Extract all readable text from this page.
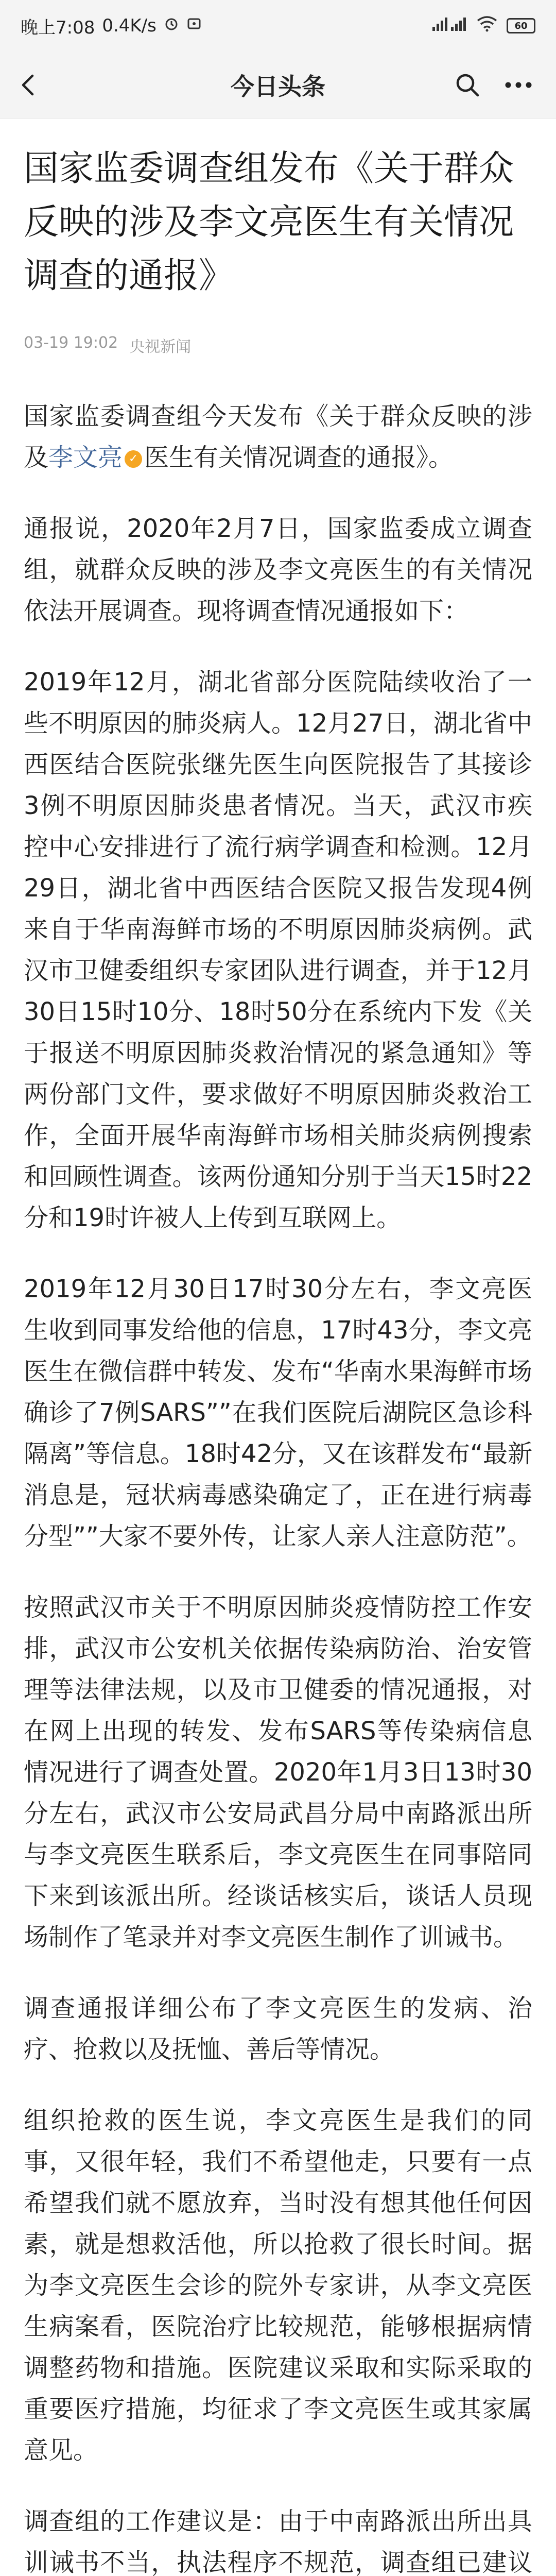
晚上7:08 0.4K/s	60
今日头条
国家监委调查组发布《关于群众反映的涉及李文亮医生有关情况调查的通报》
03-19 19:02 央视新闻

国家监委调查组今天发布《关于群众反映的涉及李文亮 ✓ 医生有关情况调查的通报》。

通报说，2020年2月7日，国家监委成立调查组，就群众反映的涉及李文亮医生的有关情况依法开展调查。现将调查情况通报如下：

2019年12月，湖北省部分医院陆续收治了一些不明原因的肺炎病人。12月27日，湖北省中西医结合医院张继先医生向医院报告了其接诊3例不明原因肺炎患者情况。当天，武汉市疾控中心安排进行了流行病学调查和检测。12月29日，湖北省中西医结合医院又报告发现4例来自于华南海鲜市场的不明原因肺炎病例。武汉市卫健委组织专家团队进行调查，并于12月30日15时10分、18时50分在系统内下发《关于报送不明原因肺炎救治情况的紧急通知》等两份部门文件，要求做好不明原因肺炎救治工作，全面开展华南海鲜市场相关肺炎病例搜索和回顾性调查。该两份通知分别于当天15时22分和19时许被人上传到互联网上。

2019年12月30日17时30分左右，李文亮医生收到同事发给他的信息，17时43分，李文亮医生在微信群中转发、发布“华南水果海鲜市场确诊了7例SARS””在我们医院后湖院区急诊科隔离”等信息。18时42分，又在该群发布“最新消息是，冠状病毒感染确定了，正在进行病毒分型””大家不要外传，让家人亲人注意防范”。

按照武汉市关于不明原因肺炎疫情防控工作安排，武汉市公安机关依据传染病防治、治安管理等法律法规，以及市卫健委的情况通报，对在网上出现的转发、发布SARS等传染病信息情况进行了调查处置。2020年1月3日13时30分左右，武汉市公安局武昌分局中南路派出所与李文亮医生联系后，李文亮医生在同事陪同下来到该派出所。经谈话核实后，谈话人员现场制作了笔录并对李文亮医生制作了训诫书。

调查通报详细公布了李文亮医生的发病、治疗、抢救以及抚恤、善后等情况。

组织抢救的医生说，李文亮医生是我们的同事，又很年轻，我们不希望他走，只要有一点希望我们就不愿放弃，当时没有想其他任何因素，就是想救活他，所以抢救了很长时间。据为李文亮医生会诊的院外专家讲，从李文亮医生病案看，医院治疗比较规范，能够根据病情调整药物和措施。医院建议采取和实际采取的重要医疗措施，均征求了李文亮医生或其家属意见。

调查组的工作建议是：由于中南路派出所出具训诫书不当，执法程序不规范，调查组已建议
